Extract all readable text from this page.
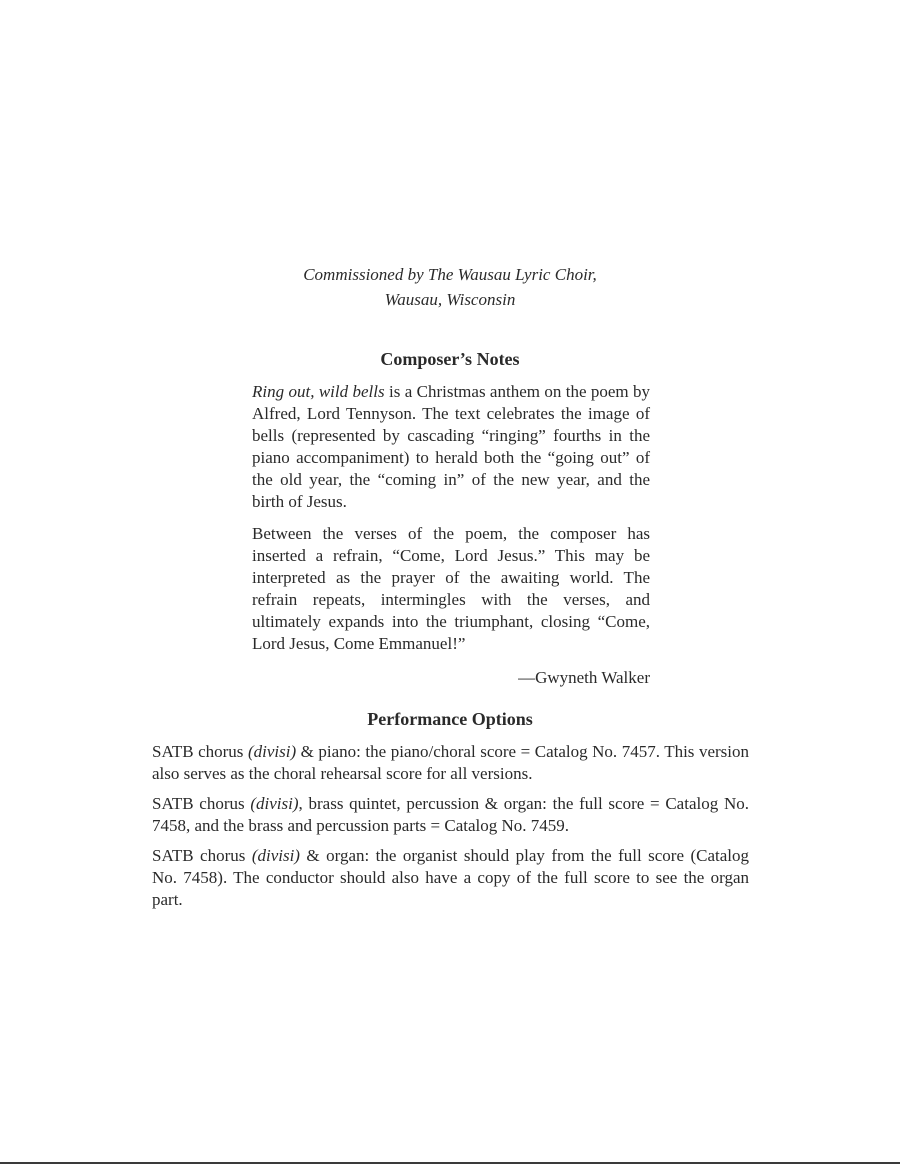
Commissioned by The Wausau Lyric Choir,
Wausau, Wisconsin
Composer’s Notes

Ring out, wild bells is a Christmas anthem on the poem by Alfred, Lord Tennyson. The text celebrates the image of bells (represented by cascading “ringing” fourths in the piano accompaniment) to herald both the “going out” of the old year, the “coming in” of the new year, and the birth of Jesus.

Between the verses of the poem, the composer has inserted a refrain, “Come, Lord Jesus.” This may be interpreted as the prayer of the awaiting world. The refrain repeats, intermingles with the verses, and ultimately expands into the triumphant, closing “Come, Lord Jesus, Come Emmanuel!”

—Gwyneth Walker

Performance Options

SATB chorus (divisi) & piano: the piano/choral score = Catalog No. 7457. This version also serves as the choral rehearsal score for all versions.

SATB chorus (divisi), brass quintet, percussion & organ: the full score = Catalog No. 7458, and the brass and percussion parts = Catalog No. 7459.

SATB chorus (divisi) & organ: the organist should play from the full score (Catalog No. 7458). The conductor should also have a copy of the full score to see the organ part.
